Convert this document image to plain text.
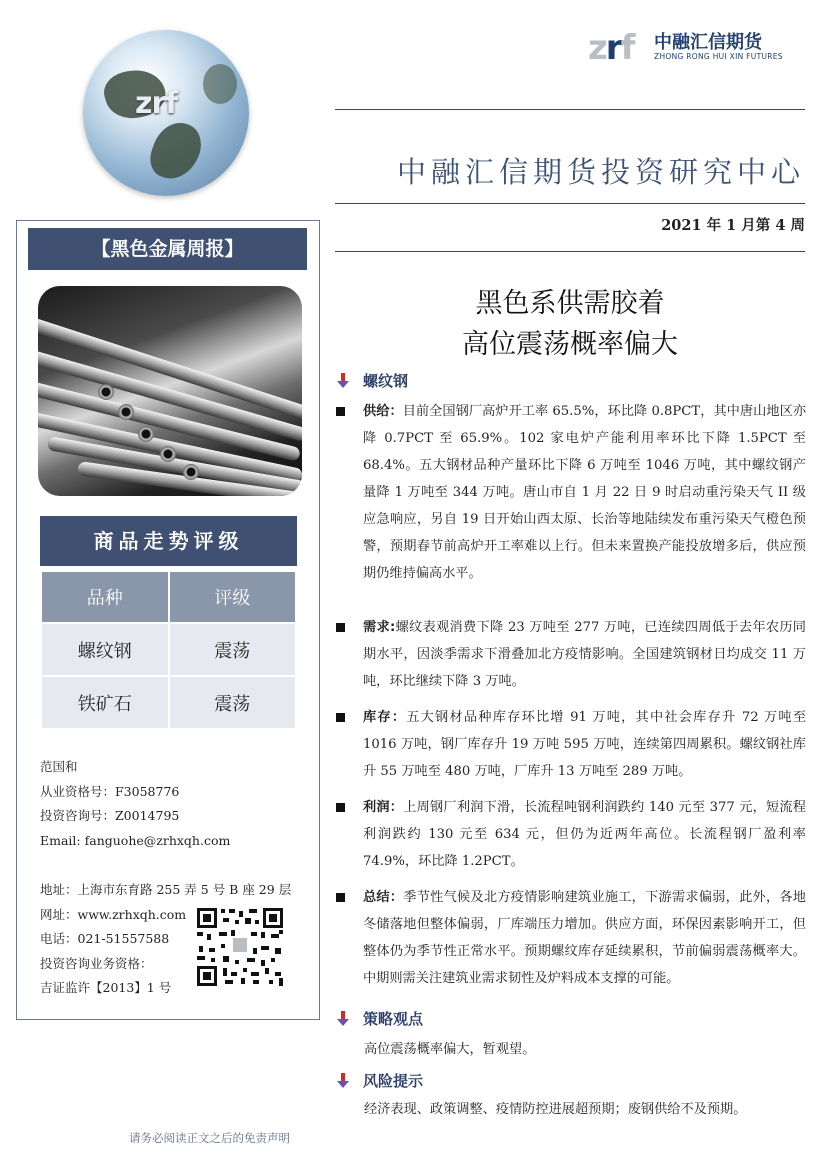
zrf
zrf 中融汇信期货
ZHONG RONG HUI XIN FUTURES
中融汇信期货投资研究中心
2021 年 1 月第 4 周
【黑色金属周报】
商品走势评级
品种	评级
螺纹钢	震荡
铁矿石	震荡
范国和
从业资格号：F3058776
投资咨询号：Z0014795
Email: fanguohe@zrhxqh.com
地址：上海市东育路 255 弄 5 号 B 座 29 层
网址：www.zrhxqh.com
电话：021-51557588
投资咨询业务资格：
吉证监许【2013】1 号
请务必阅读正文之后的免责声明
黑色系供需胶着
高位震荡概率偏大
螺纹钢
供给：目前全国钢厂高炉开工率 65.5%，环比降 0.8PCT，其中唐山地区亦降 0.7PCT 至 65.9%。102 家电炉产能利用率环比下降 1.5PCT 至 68.4%。五大钢材品种产量环比下降 6 万吨至 1046 万吨，其中螺纹钢产量降 1 万吨至 344 万吨。唐山市自 1 月 22 日 9 时启动重污染天气 II 级应急响应，另自 19 日开始山西太原、长治等地陆续发布重污染天气橙色预警，预期春节前高炉开工率难以上行。但未来置换产能投放增多后，供应预期仍维持偏高水平。
需求:螺纹表观消费下降 23 万吨至 277 万吨，已连续四周低于去年农历同期水平，因淡季需求下滑叠加北方疫情影响。全国建筑钢材日均成交 11 万吨，环比继续下降 3 万吨。
库存：五大钢材品种库存环比增 91 万吨，其中社会库存升 72 万吨至 1016 万吨，钢厂库存升 19 万吨 595 万吨，连续第四周累积。螺纹钢社库升 55 万吨至 480 万吨，厂库升 13 万吨至 289 万吨。
利润：上周钢厂利润下滑，长流程吨钢利润跌约 140 元至 377 元，短流程利润跌约 130 元至 634 元，但仍为近两年高位。长流程钢厂盈利率 74.9%，环比降 1.2PCT。
总结：季节性气候及北方疫情影响建筑业施工，下游需求偏弱，此外，各地冬储落地但整体偏弱，厂库端压力增加。供应方面，环保因素影响开工，但整体仍为季节性正常水平。预期螺纹库存延续累积，节前偏弱震荡概率大。中期则需关注建筑业需求韧性及炉料成本支撑的可能。
策略观点
高位震荡概率偏大，暂观望。
风险提示
经济表现、政策调整、疫情防控进展超预期；废钢供给不及预期。
